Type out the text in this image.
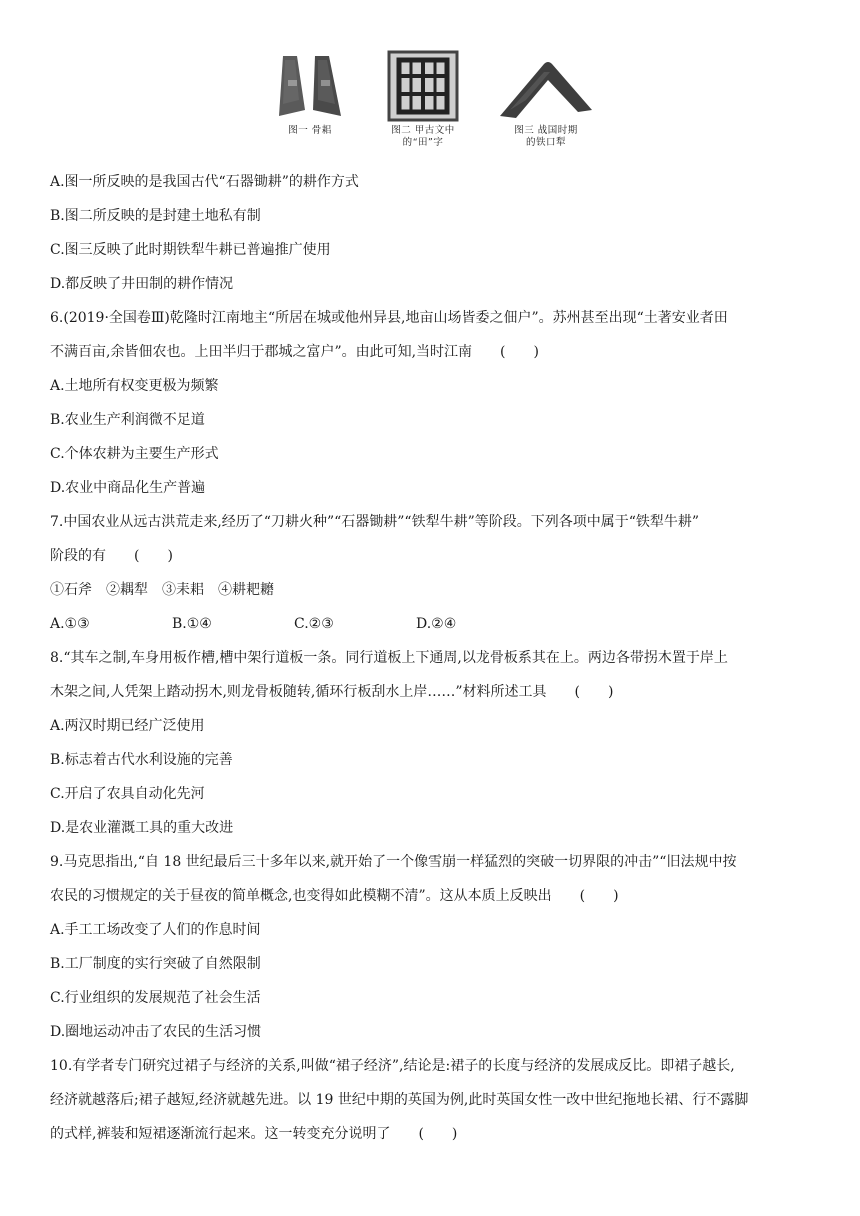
图一 骨耜	图二 甲古文中
的“田”字
图三 战国时期
的铁口犁
A.图一所反映的是我国古代“石器锄耕”的耕作方式
B.图二所反映的是封建土地私有制
C.图三反映了此时期铁犁牛耕已普遍推广使用
D.都反映了井田制的耕作情况
6.(2019·全国卷Ⅲ)乾隆时江南地主“所居在城或他州异县,地亩山场皆委之佃户”。苏州甚至出现“土著安业者田
不满百亩,余皆佃农也。上田半归于郡城之富户”。由此可知,当时江南　　(　　)
A.土地所有权变更极为频繁
B.农业生产利润微不足道
C.个体农耕为主要生产形式
D.农业中商品化生产普遍
7.中国农业从远古洪荒走来,经历了“刀耕火种”“石器锄耕”“铁犁牛耕”等阶段。下列各项中属于“铁犁牛耕”
阶段的有　　(　　)
①石斧　②耦犁　③耒耜　④耕耙耱
A.①③	B.①④	C.②③	D.②④
8.“其车之制,车身用板作槽,槽中架行道板一条。同行道板上下通周,以龙骨板系其在上。两边各带拐木置于岸上
木架之间,人凭架上踏动拐木,则龙骨板随转,循环行板刮水上岸……”材料所述工具　　(　　)
A.两汉时期已经广泛使用
B.标志着古代水利设施的完善
C.开启了农具自动化先河
D.是农业灌溉工具的重大改进
9.马克思指出,“自 18 世纪最后三十多年以来,就开始了一个像雪崩一样猛烈的突破一切界限的冲击”“旧法规中按
农民的习惯规定的关于昼夜的简单概念,也变得如此模糊不清”。这从本质上反映出　　(　　)
A.手工工场改变了人们的作息时间
B.工厂制度的实行突破了自然限制
C.行业组织的发展规范了社会生活
D.圈地运动冲击了农民的生活习惯
10.有学者专门研究过裙子与经济的关系,叫做“裙子经济”,结论是:裙子的长度与经济的发展成反比。即裙子越长,
经济就越落后;裙子越短,经济就越先进。以 19 世纪中期的英国为例,此时英国女性一改中世纪拖地长裙、行不露脚
的式样,裤装和短裙逐渐流行起来。这一转变充分说明了　　(　　)
